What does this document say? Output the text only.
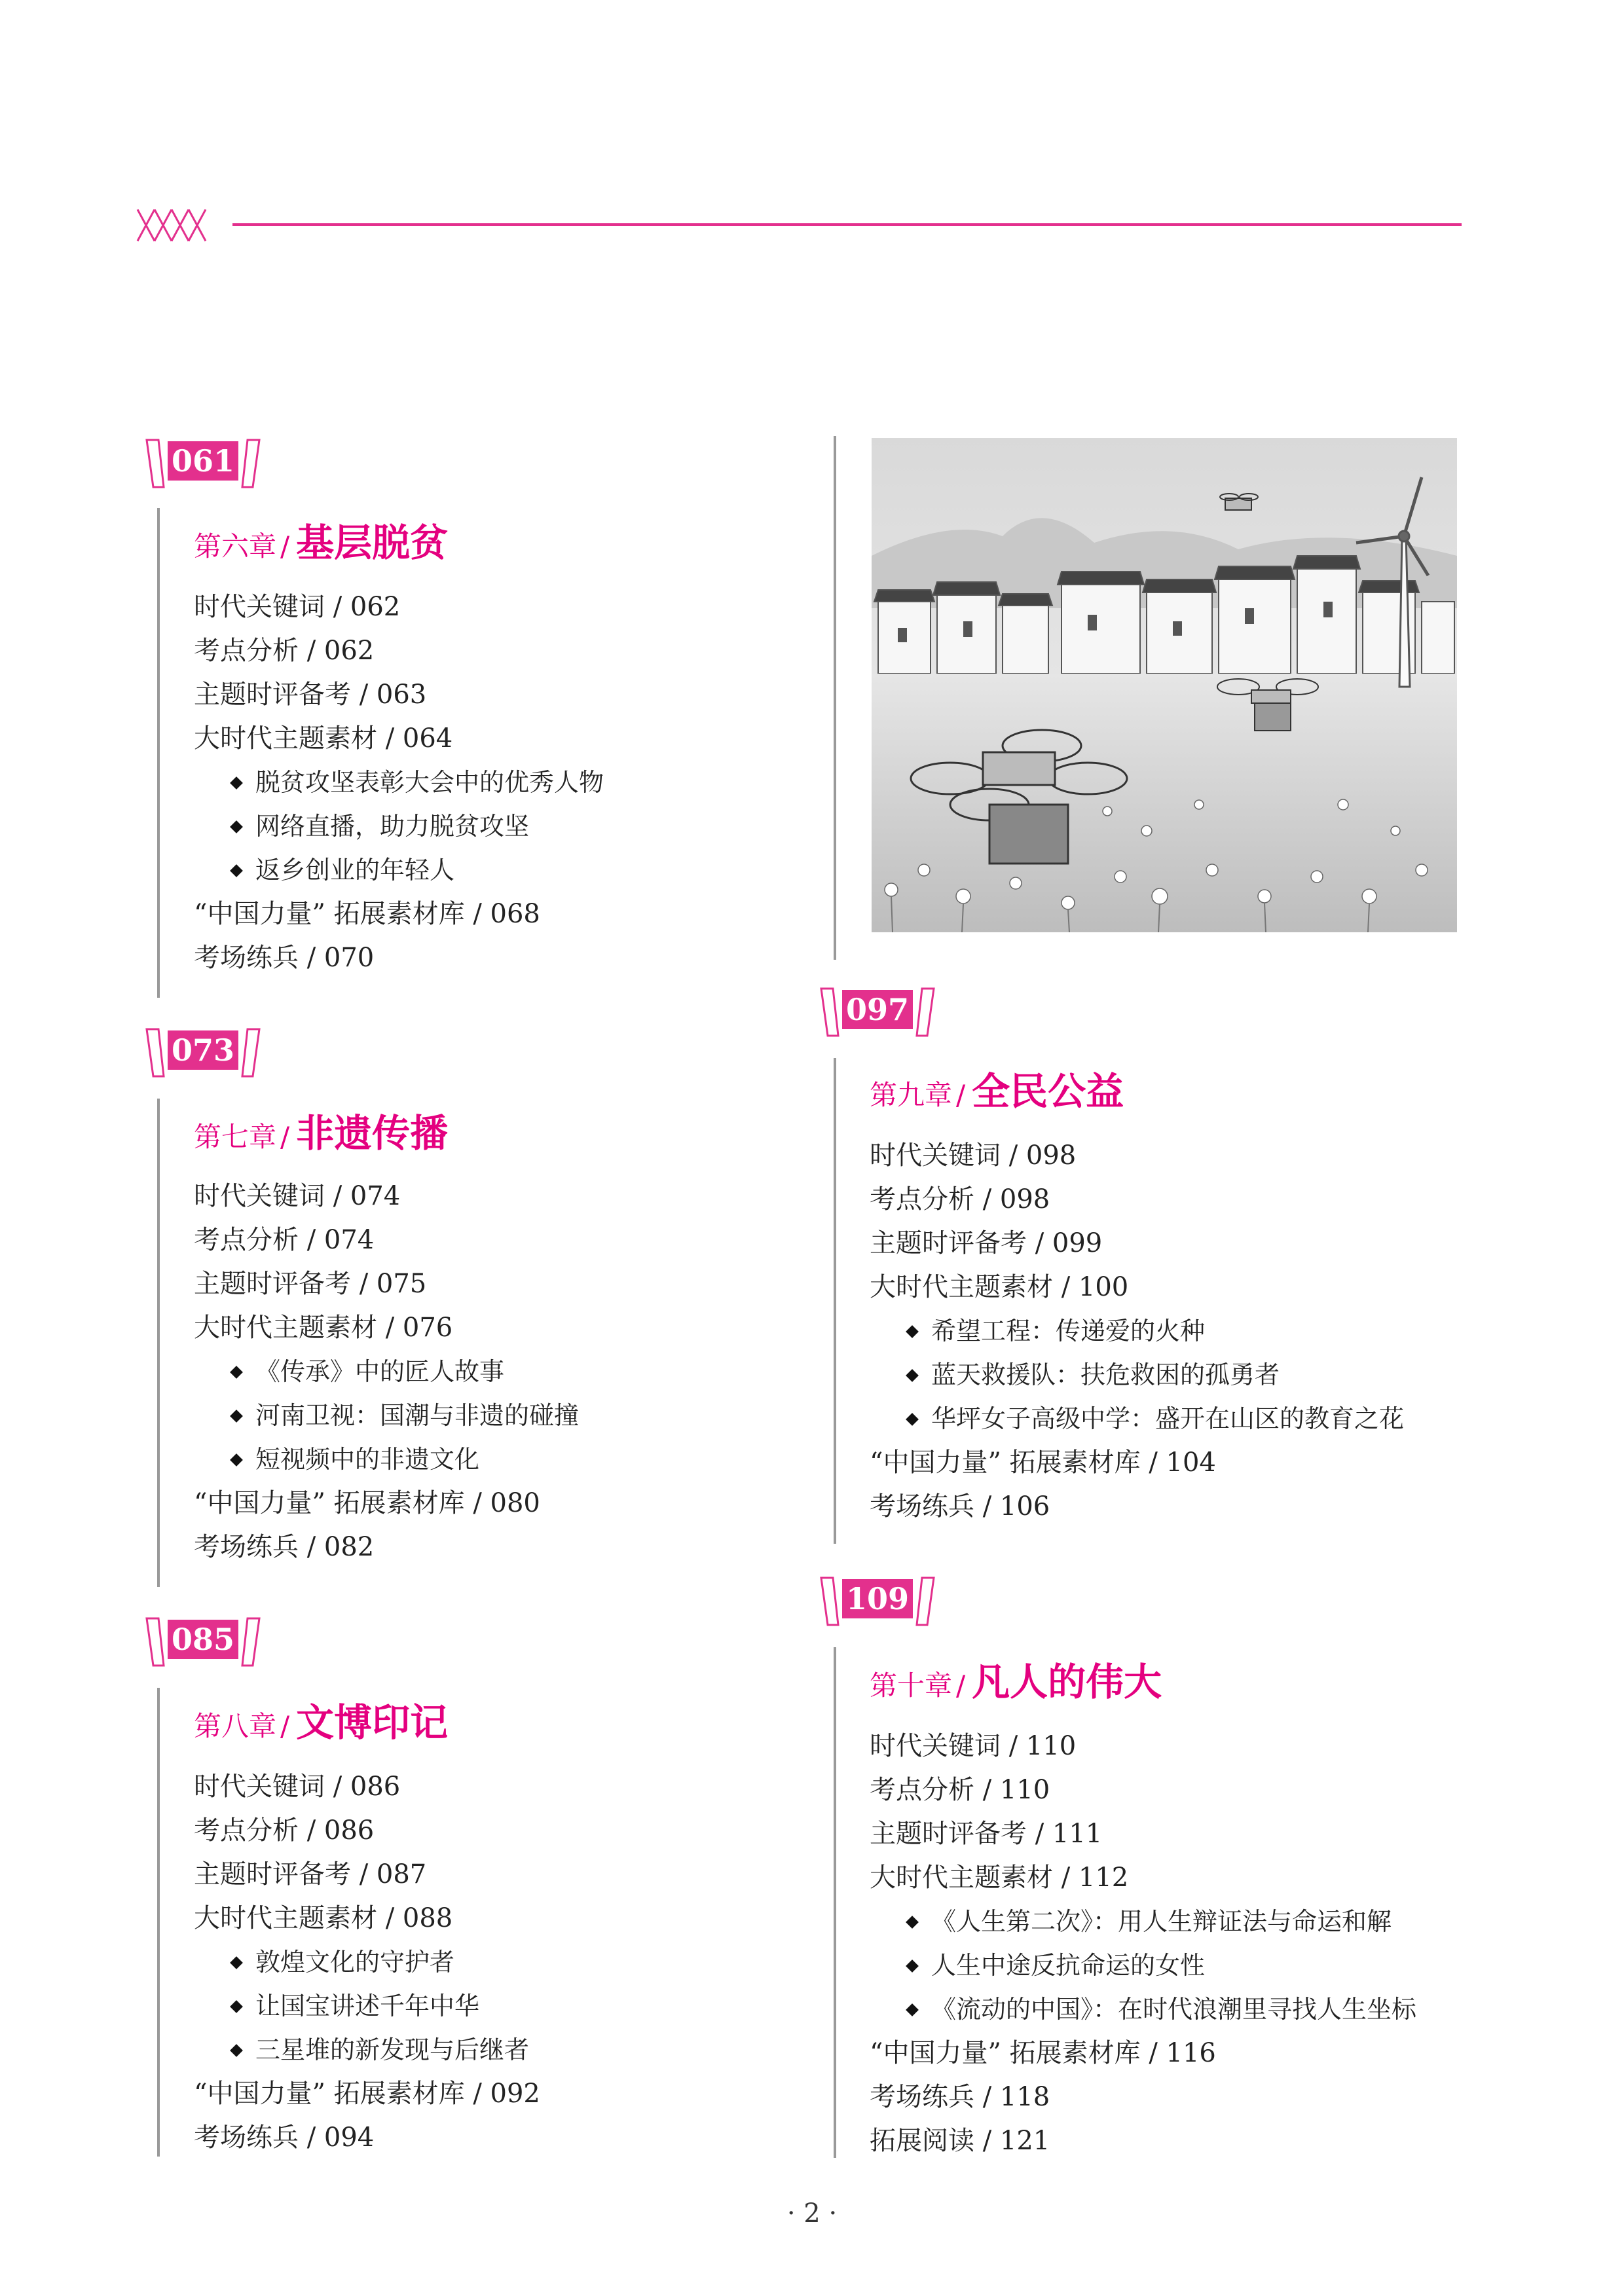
061
第六章 / 基层脱贫
时代关键词 / 062
考点分析 / 062
主题时评备考 / 063
大时代主题素材 / 064
脱贫攻坚表彰大会中的优秀人物
网络直播，助力脱贫攻坚
返乡创业的年轻人
“中国力量” 拓展素材库 / 068
考场练兵 / 070
073
第七章 / 非遗传播
时代关键词 / 074
考点分析 / 074
主题时评备考 / 075
大时代主题素材 / 076
《传承》中的匠人故事
河南卫视：国潮与非遗的碰撞
短视频中的非遗文化
“中国力量” 拓展素材库 / 080
考场练兵 / 082
085
第八章 / 文博印记
时代关键词 / 086
考点分析 / 086
主题时评备考 / 087
大时代主题素材 / 088
敦煌文化的守护者
让国宝讲述千年中华
三星堆的新发现与后继者
“中国力量” 拓展素材库 / 092
考场练兵 / 094
097
第九章 / 全民公益
时代关键词 / 098
考点分析 / 098
主题时评备考 / 099
大时代主题素材 / 100
希望工程：传递爱的火种
蓝天救援队：扶危救困的孤勇者
华坪女子高级中学：盛开在山区的教育之花
“中国力量” 拓展素材库 / 104
考场练兵 / 106
109
第十章 / 凡人的伟大
时代关键词 / 110
考点分析 / 110
主题时评备考 / 111
大时代主题素材 / 112
《人生第二次》：用人生辩证法与命运和解
人生中途反抗命运的女性
《流动的中国》：在时代浪潮里寻找人生坐标
“中国力量” 拓展素材库 / 116
考场练兵 / 118
拓展阅读 / 121
· 2 ·
